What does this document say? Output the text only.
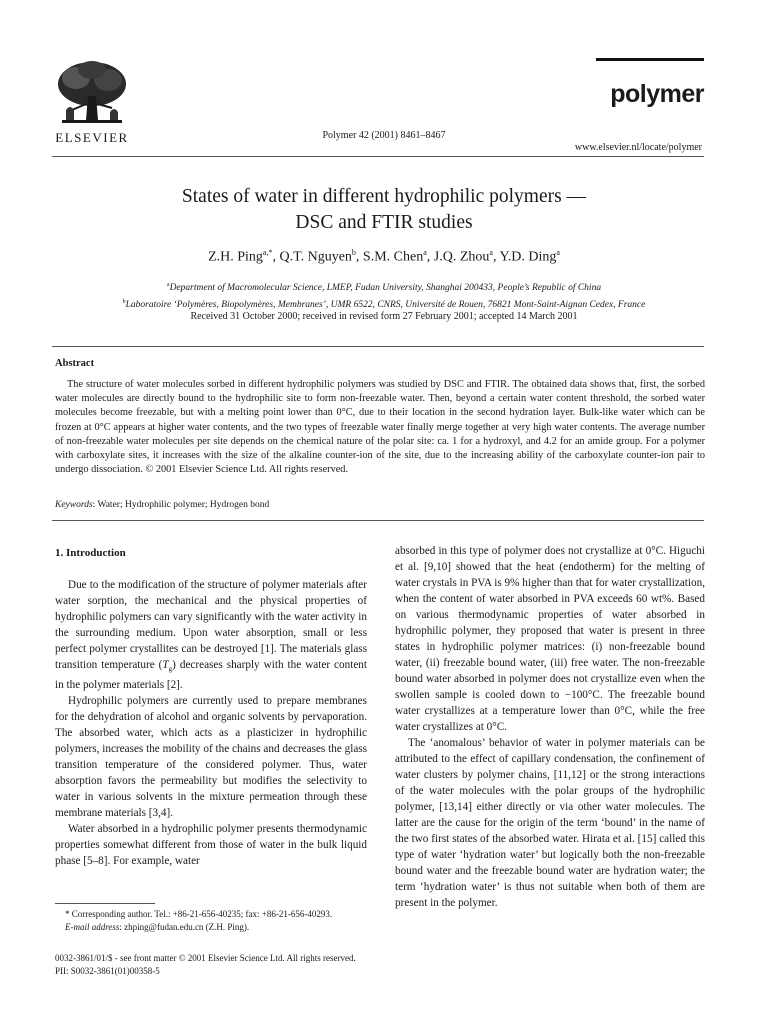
ELSEVIER	Polymer 42 (2001) 8461–8467
polymer
www.elsevier.nl/locate/polymer
States of water in different hydrophilic polymers —
DSC and FTIR studies
Z.H. Ping$^{a,*}$, Q.T. Nguyen$^b$, S.M. Chen$^a$, J.Q. Zhou$^a$, Y.D. Ding$^a$
$^a$Department of Macromolecular Science, LMEP, Fudan University, Shanghai 200433, People’s Republic of China
$^b$Laboratoire ‘Polymères, Biopolymères, Membranes’, UMR 6522, CNRS, Université de Rouen, 76821 Mont-Saint-Aignan Cedex, France
Received 31 October 2000; received in revised form 27 February 2001; accepted 14 March 2001
Abstract
The structure of water molecules sorbed in different hydrophilic polymers was studied by DSC and FTIR. The obtained data shows that, first, the sorbed water molecules are directly bound to the hydrophilic site to form non-freezable water. Then, beyond a certain water content threshold, the sorbed water molecules become freezable, but with a melting point lower than 0°C, due to their location in the second hydration layer. Bulk-like water which can be frozen at 0°C appears at higher water contents, and the two types of freezable water finally merge together at very high water contents. The average number of non-freezable water molecules per site depends on the chemical nature of the polar site: ca. 1 for a hydroxyl, and 4.2 for an amide group. For a polymer with carboxylate sites, it increases with the size of the alkaline counter-ion of the site, due to the increasing ability of the carboxylate counter-ion pair to undergo dissociation. © 2001 Elsevier Science Ltd. All rights reserved.
Keywords: Water; Hydrophilic polymer; Hydrogen bond
1. Introduction

Due to the modification of the structure of polymer materials after water sorption, the mechanical and the physical properties of hydrophilic polymers can vary significantly with the water activity in the surrounding medium. Upon water absorption, small or less perfect polymer crystallites can be destroyed [1]. The materials glass transition temperature $(T_g)$ decreases sharply with the water content in the polymer materials [2].

Hydrophilic polymers are currently used to prepare membranes for the dehydration of alcohol and organic solvents by pervaporation. The absorbed water, which acts as a plasticizer in hydrophilic polymers, increases the mobility of the chains and decreases the glass transition temperature of the considered polymer. Thus, water absorption favors the permeability but modifies the selectivity to water in various solvents in the mixture permeation through these membrane materials [3,4].

Water absorbed in a hydrophilic polymer presents thermodynamic properties somewhat different from those of water in the bulk liquid phase [5–8]. For example, water

absorbed in this type of polymer does not crystallize at 0°C. Higuchi et al. [9,10] showed that the heat (endotherm) for the melting of water crystals in PVA is 9% higher than that for water crystallization, when the content of water absorbed in PVA exceeds 60 wt%. Based on various thermodynamic properties of water absorbed in hydrophilic polymer, they proposed that water is present in three states in hydrophilic polymer matrices: (i) non-freezable bound water, (ii) freezable bound water, (iii) free water. The non-freezable bound water absorbed in polymer does not crystallize even when the swollen sample is cooled down to −100°C. The freezable bound water crystallizes at a temperature lower than 0°C, while the free water crystallizes at 0°C.

The ‘anomalous’ behavior of water in polymer materials can be attributed to the effect of capillary condensation, the confinement of water clusters by polymer chains, [11,12] or the strong interactions of the water molecules with the polar groups of the hydrophilic polymer, [13,14] either directly or via other water molecules. The latter are the cause for the origin of the term ‘bound’ in the name of the two first states of the absorbed water. Hirata et al. [15] called this type of water ‘hydration water’ but logically both the non-freezable bound water and the freezable bound water are hydration water; the term ‘hydration water’ is thus not suitable when both of them are present in the polymer.

* Corresponding author. Tel.: +86-21-656-40235; fax: +86-21-656-40293.
E-mail address: zhping@fudan.edu.cn (Z.H. Ping).
0032-3861/01/$ - see front matter © 2001 Elsevier Science Ltd. All rights reserved.
PII: S0032-3861(01)00358-5
